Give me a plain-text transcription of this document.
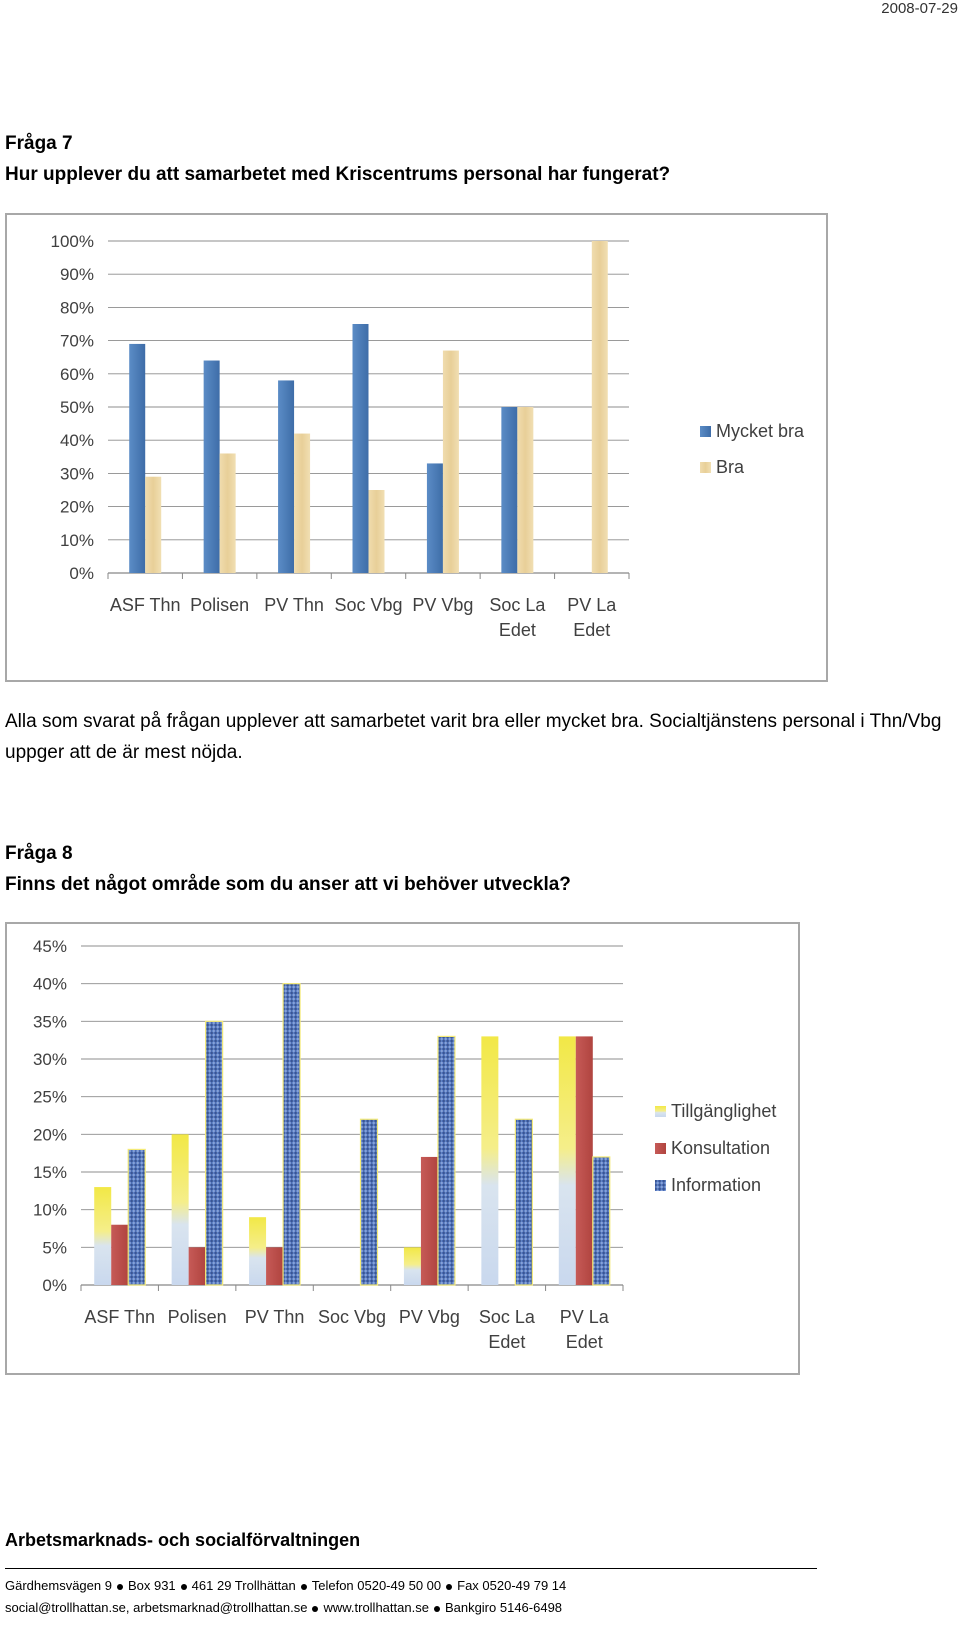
2008-07-29
Fråga 7
Hur upplever du att samarbetet med Kriscentrums personal har fungerat?
0%
10%
20%
30%
40%
50%
60%
70%
80%
90%
100%
ASF Thn Polisen PV Thn Soc Vbg PV Vbg Soc La
Edet
PV La
Edet
Mycket bra
Bra
Alla som svarat på frågan upplever att samarbetet varit bra eller mycket bra. Socialtjänstens personal i Thn/Vbg uppger att de är mest nöjda.
Fråga 8
Finns det något område som du anser att vi behöver utveckla?
0%
5%
10%
15%
20%
25%
30%
35%
40%
45%
ASF Thn Polisen PV Thn Soc Vbg PV Vbg Soc La
Edet
PV La
Edet
Tillgänglighet
Konsultation
Information
Arbetsmarknads- och socialförvaltningen
Gärdhemsvägen 9 Box 931 461 29 Trollhättan Telefon 0520-49 50 00 Fax 0520-49 79 14
social@trollhattan.se, arbetsmarknad@trollhattan.se www.trollhattan.se Bankgiro 5146-6498
